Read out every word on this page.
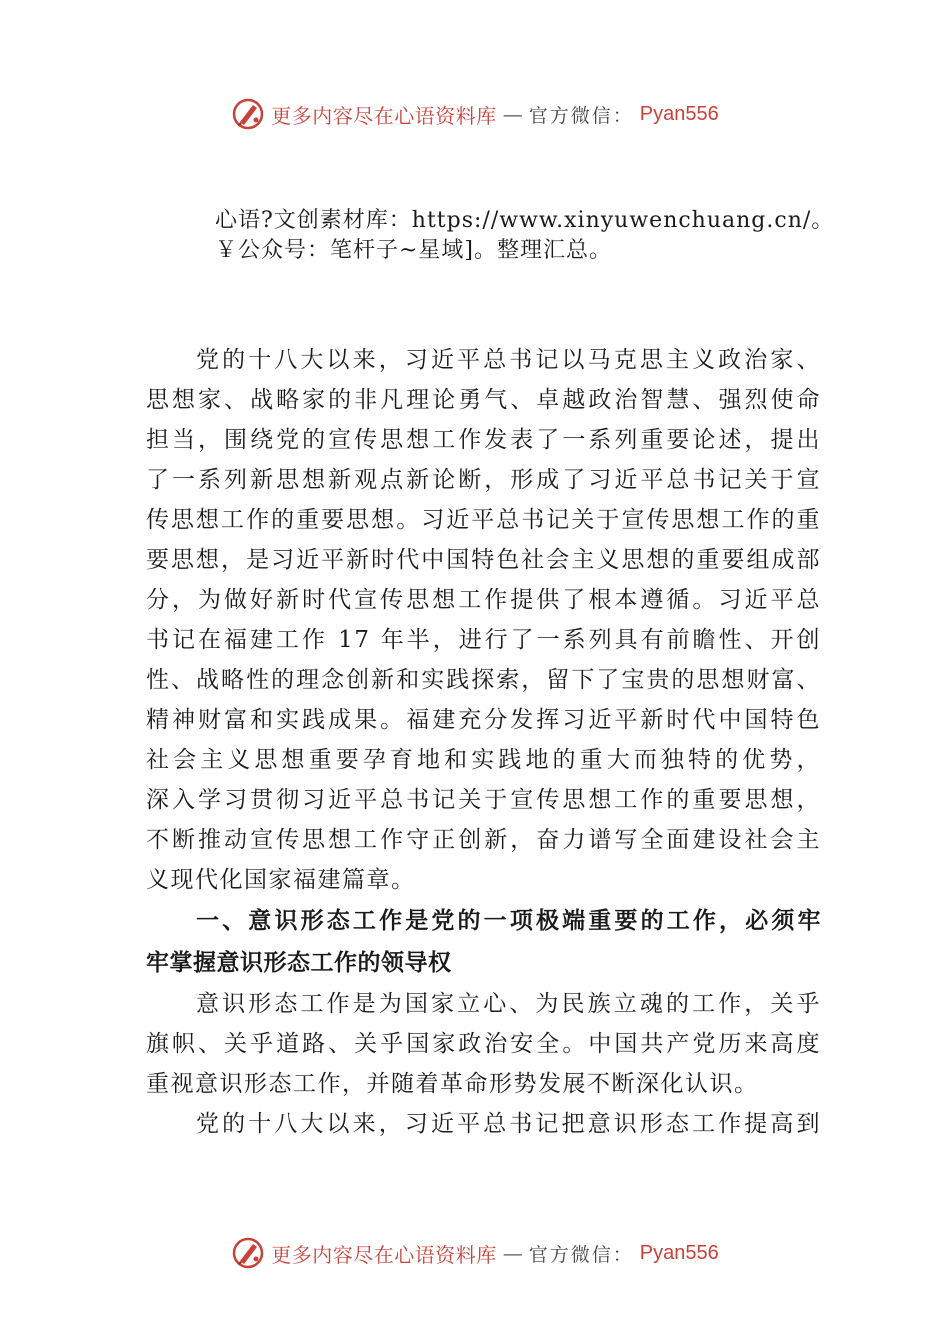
更多内容尽在心语资料库 — 官方微信： Pyan556
心语?文创素材库：https://www.xinyuwenchuang.cn/。
￥公众号：笔杆子~星域]。整理汇总。
党的十八大以来，习近平总书记以马克思主义政治家、
思想家、战略家的非凡理论勇气、卓越政治智慧、强烈使命
担当，围绕党的宣传思想工作发表了一系列重要论述，提出
了一系列新思想新观点新论断，形成了习近平总书记关于宣
传思想工作的重要思想。习近平总书记关于宣传思想工作的重
要思想，是习近平新时代中国特色社会主义思想的重要组成部
分，为做好新时代宣传思想工作提供了根本遵循。习近平总
书记在福建工作 17 年半，进行了一系列具有前瞻性、开创
性、战略性的理念创新和实践探索，留下了宝贵的思想财富、
精神财富和实践成果。福建充分发挥习近平新时代中国特色
社会主义思想重要孕育地和实践地的重大而独特的优势，
深入学习贯彻习近平总书记关于宣传思想工作的重要思想，
不断推动宣传思想工作守正创新，奋力谱写全面建设社会主
义现代化国家福建篇章。
一、意识形态工作是党的一项极端重要的工作，必须牢
牢掌握意识形态工作的领导权
意识形态工作是为国家立心、为民族立魂的工作，关乎
旗帜、关乎道路、关乎国家政治安全。中国共产党历来高度
重视意识形态工作，并随着革命形势发展不断深化认识。
党的十八大以来，习近平总书记把意识形态工作提高到
更多内容尽在心语资料库 — 官方微信： Pyan556
